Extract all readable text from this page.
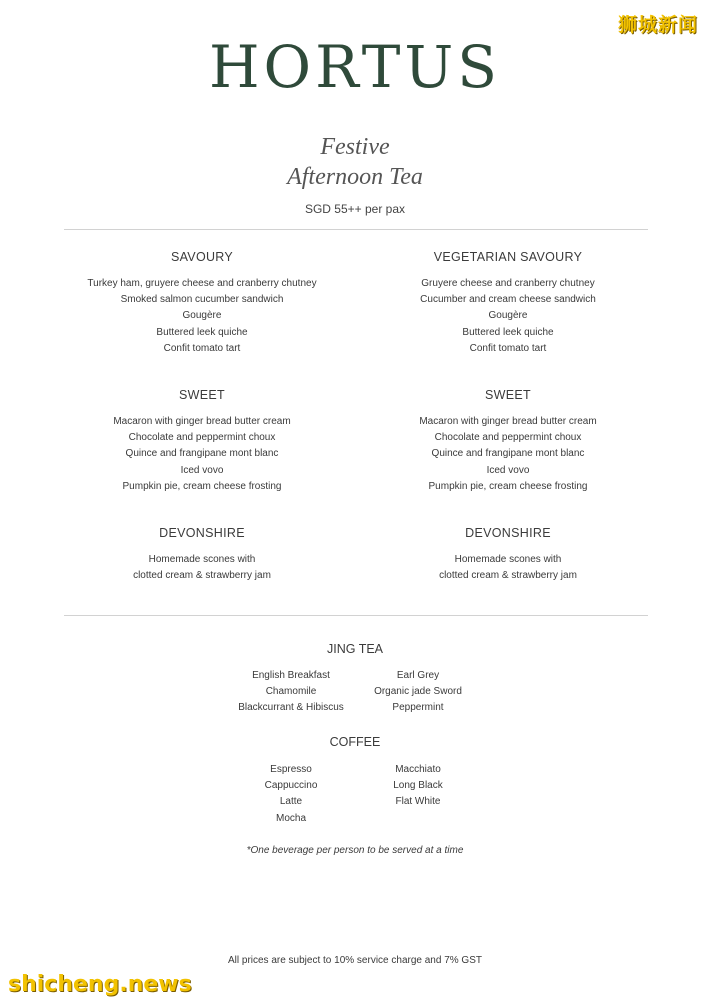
狮城新闻
HORTUS
Festive
Afternoon Tea
SGD 55++ per pax
SAVOURY
Turkey ham, gruyere cheese and cranberry chutney
Smoked salmon cucumber sandwich
Gougère
Buttered leek quiche
Confit tomato tart
SWEET
Macaron with ginger bread butter cream
Chocolate and peppermint choux
Quince and frangipane mont blanc
Iced vovo
Pumpkin pie, cream cheese frosting
DEVONSHIRE
Homemade scones with
clotted cream & strawberry jam
VEGETARIAN SAVOURY
Gruyere cheese and cranberry chutney
Cucumber and cream cheese sandwich
Gougère
Buttered leek quiche
Confit tomato tart
SWEET
Macaron with ginger bread butter cream
Chocolate and peppermint choux
Quince and frangipane mont blanc
Iced vovo
Pumpkin pie, cream cheese frosting
DEVONSHIRE
Homemade scones with
clotted cream & strawberry jam
JING TEA
English Breakfast
Chamomile
Blackcurrant & Hibiscus
Earl Grey
Organic jade Sword
Peppermint
COFFEE
Espresso
Cappuccino
Latte
Mocha
Macchiato
Long Black
Flat White
*One beverage per person to be served at a time
All prices are subject to 10% service charge and 7% GST
shicheng.news
